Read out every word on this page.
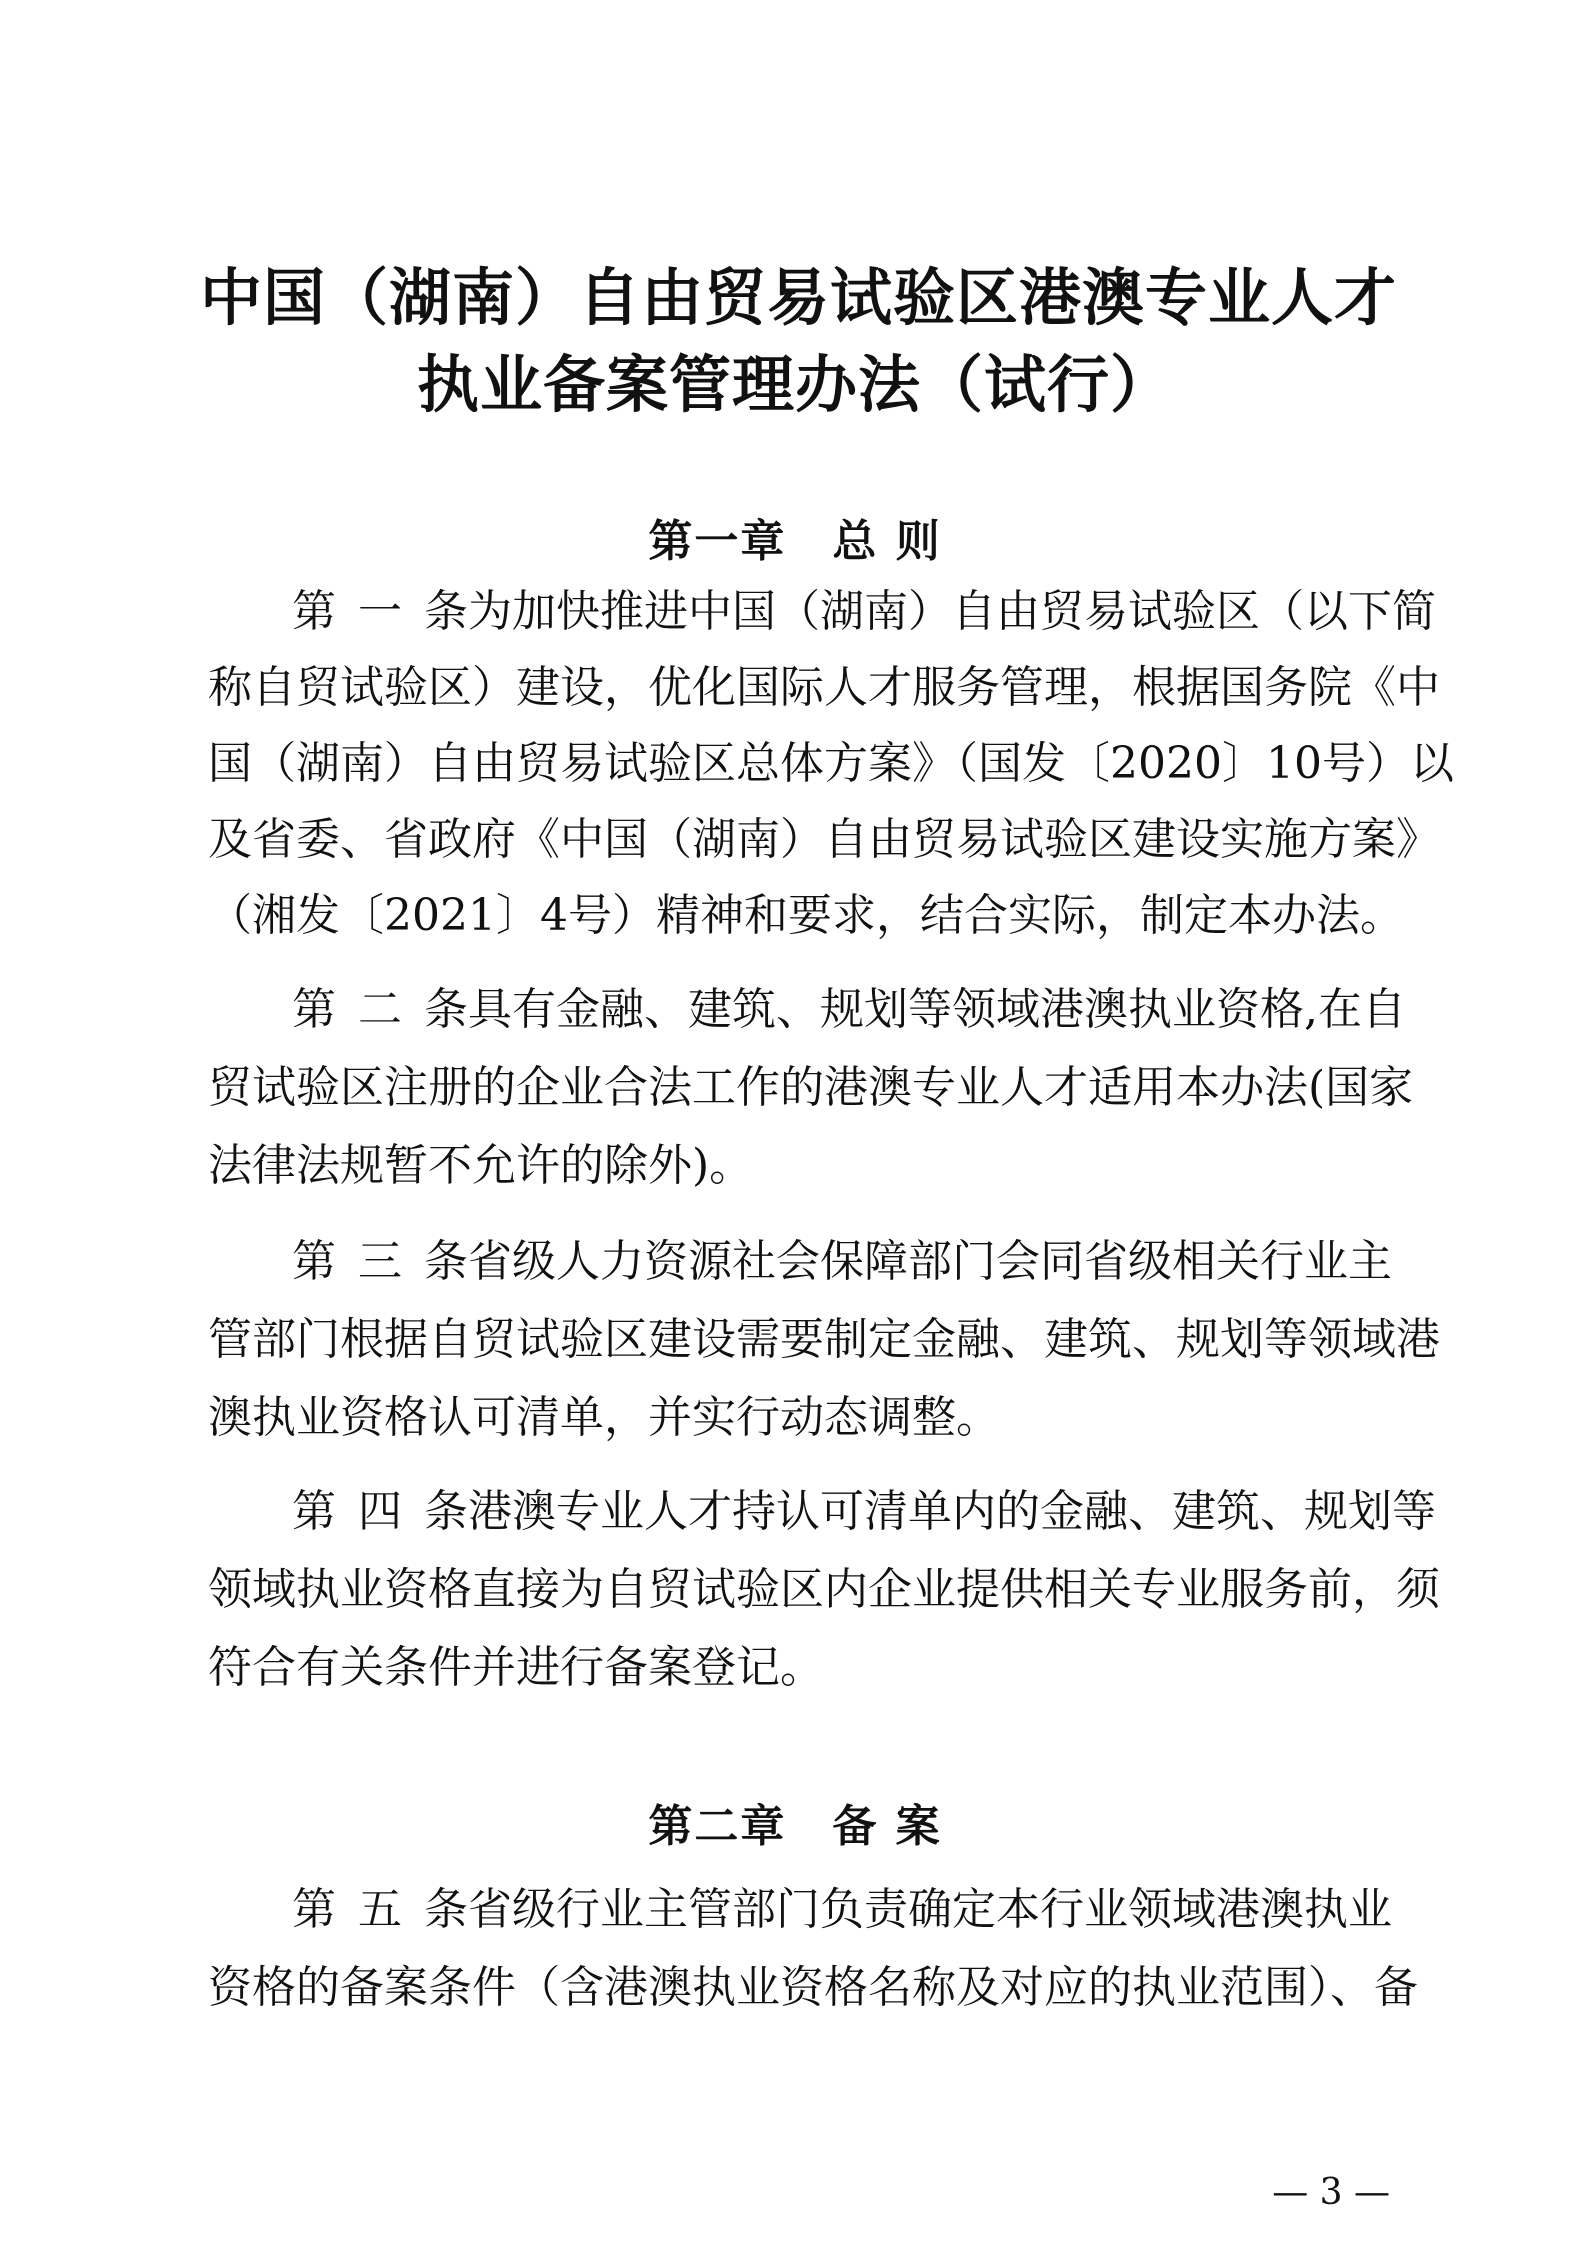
中国（湖南）自由贸易试验区港澳专业人才
执业备案管理办法（试行）
第一章　总 则
第一条为加快推进中国（湖南）自由贸易试验区（以下简
称自贸试验区）建设，优化国际人才服务管理，根据国务院《中
国（湖南）自由贸易试验区总体方案》（国发〔2020〕10号）以
及省委、省政府《中国（湖南）自由贸易试验区建设实施方案》
（湘发〔2021〕4号）精神和要求，结合实际，制定本办法。
第二条具有金融、建筑、规划等领域港澳执业资格,在自
贸试验区注册的企业合法工作的港澳专业人才适用本办法(国家
法律法规暂不允许的除外)。
第三条省级人力资源社会保障部门会同省级相关行业主
管部门根据自贸试验区建设需要制定金融、建筑、规划等领域港
澳执业资格认可清单，并实行动态调整。
第四条港澳专业人才持认可清单内的金融、建筑、规划等
领域执业资格直接为自贸试验区内企业提供相关专业服务前，须
符合有关条件并进行备案登记。
第二章　备 案
第五条省级行业主管部门负责确定本行业领域港澳执业
资格的备案条件（含港澳执业资格名称及对应的执业范围）、备
— 3 —
